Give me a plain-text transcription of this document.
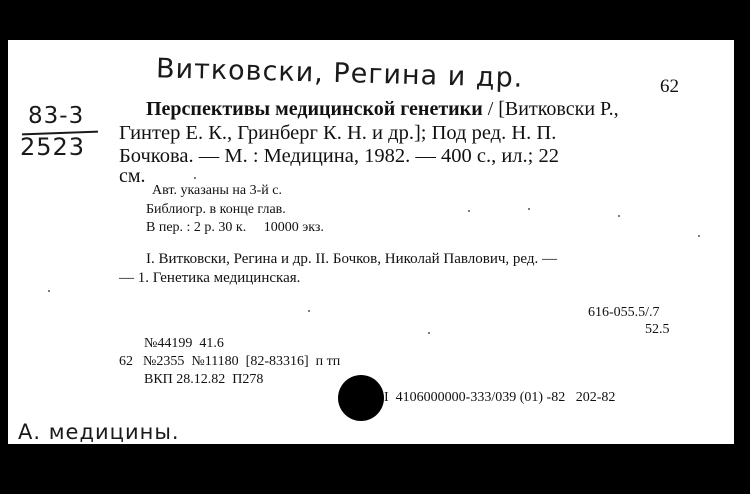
Витковски, Регина и др.	62
83-3
2523
Перспективы медицинской генетики / [Витковски Р.,
Гинтер Е. К., Гринберг К. Н. и др.]; Под ред. Н. П.
Бочкова. — М. : Медицина, 1982. — 400 с., ил.; 22
см.
Авт. указаны на 3-й с.
Библиогр. в конце глав.
В пер. : 2 р. 30 к.     10000 экз.
I. Витковски, Регина и др. II. Бочков, Николай Павлович, ред. —
— 1. Генетика медицинская.
616-055.5/.7
52.5
№44199  41.6
62 №2355  №11180  [82-83316]  п тп
ВКП 28.12.82  П278
I  4106000000-333/039 (01) -82   202-82
А. медицины.
